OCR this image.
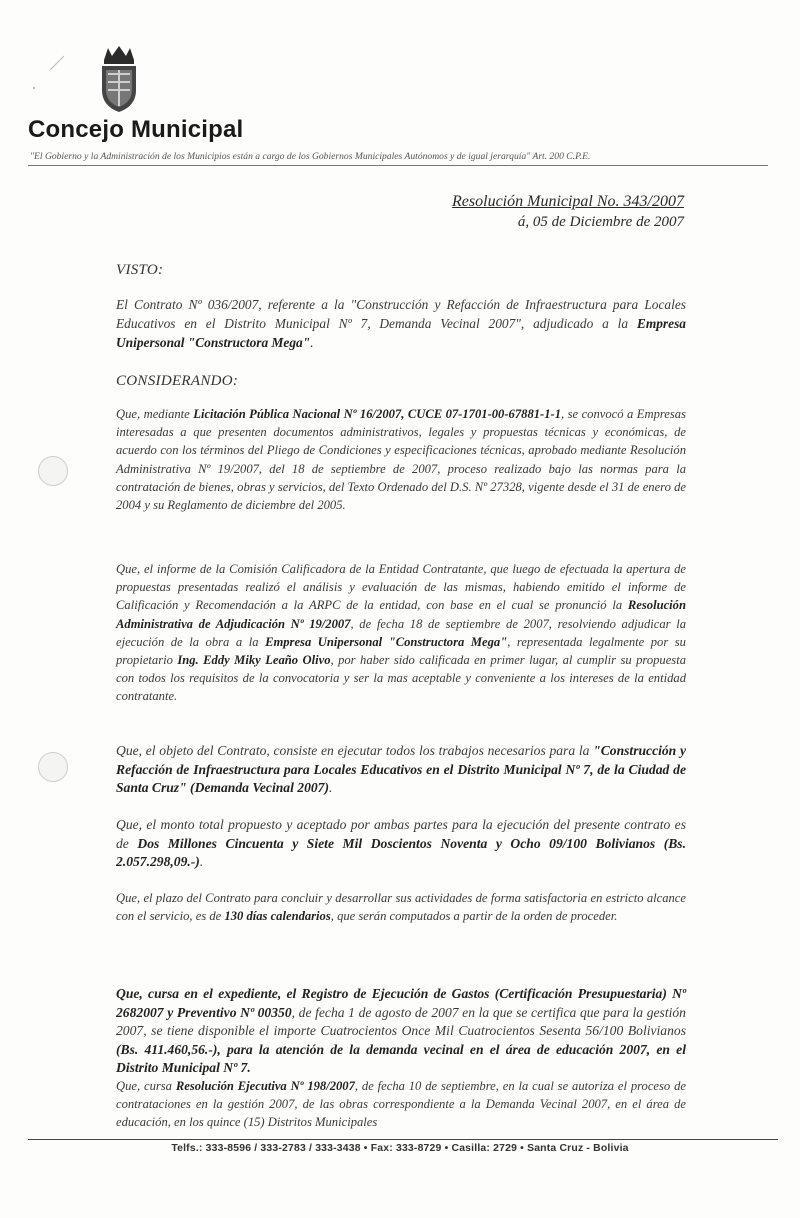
Concejo Municipal
"El Gobierno y la Administración de los Municipios están a cargo de los Gobiernos Municipales Autónomos y de igual jerarquía" Art. 200 C.P.E.
Resolución Municipal No. 343/2007
á, 05 de Diciembre de 2007
VISTO:

El Contrato Nº 036/2007, referente a la "Construcción y Refacción de Infraestructura para Locales Educativos en el Distrito Municipal Nº 7, Demanda Vecinal 2007", adjudicado a la Empresa Unipersonal "Constructora Mega".

CONSIDERANDO:

Que, mediante Licitación Pública Nacional Nº 16/2007, CUCE 07-1701-00-67881-1-1, se convocó a Empresas interesadas a que presenten documentos administrativos, legales y propuestas técnicas y económicas, de acuerdo con los términos del Pliego de Condiciones y especificaciones técnicas, aprobado mediante Resolución Administrativa Nº 19/2007, del 18 de septiembre de 2007, proceso realizado bajo las normas para la contratación de bienes, obras y servicios, del Texto Ordenado del D.S. Nº 27328, vigente desde el 31 de enero de 2004 y su Reglamento de diciembre del 2005.

Que, el informe de la Comisión Calificadora de la Entidad Contratante, que luego de efectuada la apertura de propuestas presentadas realizó el análisis y evaluación de las mismas, habiendo emitido el informe de Calificación y Recomendación a la ARPC de la entidad, con base en el cual se pronunció la Resolución Administrativa de Adjudicación Nº 19/2007, de fecha 18 de septiembre de 2007, resolviendo adjudicar la ejecución de la obra a la Empresa Unipersonal "Constructora Mega", representada legalmente por su propietario Ing. Eddy Miky Leaño Olivo, por haber sido calificada en primer lugar, al cumplir su propuesta con todos los requisitos de la convocatoria y ser la mas aceptable y conveniente a los intereses de la entidad contratante.

Que, el objeto del Contrato, consiste en ejecutar todos los trabajos necesarios para la "Construcción y Refacción de Infraestructura para Locales Educativos en el Distrito Municipal Nº 7, de la Ciudad de Santa Cruz" (Demanda Vecinal 2007).

Que, el monto total propuesto y aceptado por ambas partes para la ejecución del presente contrato es de Dos Millones Cincuenta y Siete Mil Doscientos Noventa y Ocho 09/100 Bolivianos (Bs. 2.057.298,09.-).

Que, el plazo del Contrato para concluir y desarrollar sus actividades de forma satisfactoria en estricto alcance con el servicio, es de 130 días calendarios, que serán computados a partir de la orden de proceder.

Que, cursa en el expediente, el Registro de Ejecución de Gastos (Certificación Presupuestaria) Nº 2682007 y Preventivo Nº 00350, de fecha 1 de agosto de 2007 en la que se certifica que para la gestión 2007, se tiene disponible el importe Cuatrocientos Once Mil Cuatrocientos Sesenta 56/100 Bolivianos (Bs. 411.460,56.-), para la atención de la demanda vecinal en el área de educación 2007, en el Distrito Municipal Nº 7.

Que, cursa Resolución Ejecutiva Nº 198/2007, de fecha 10 de septiembre, en la cual se autoriza el proceso de contrataciones en la gestión 2007, de las obras correspondiente a la Demanda Vecinal 2007, en el área de educación, en los quince (15) Distritos Municipales

Telfs.: 333-8596 / 333-2783 / 333-3438 • Fax: 333-8729 • Casilla: 2729 • Santa Cruz - Bolivia
